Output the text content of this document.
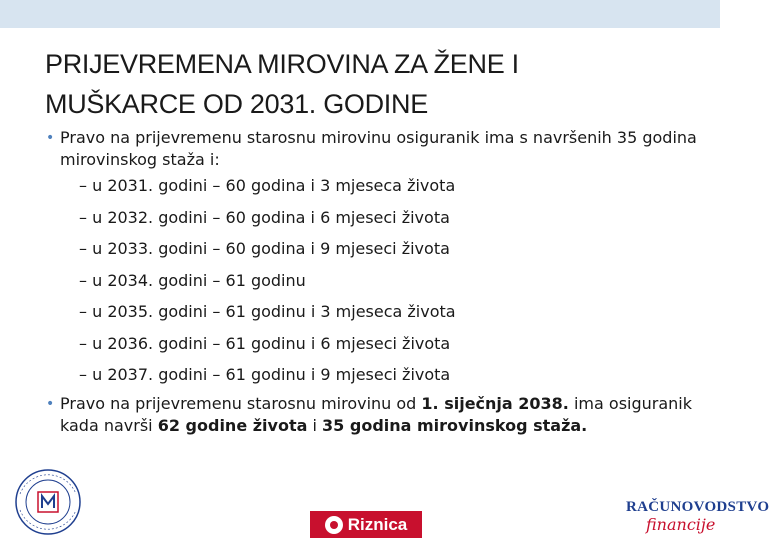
PRIJEVREMENA MIROVINA ZA ŽENE I
MUŠKARCE OD 2031. GODINE
• Pravo na prijevremenu starosnu mirovinu osiguranik ima s navršenih 35 godina mirovinskog staža i:
– u 2031. godini – 60 godina i 3 mjeseca života
– u 2032. godini – 60 godina i 6 mjeseci života
– u 2033. godini – 60 godina i 9 mjeseci života
– u 2034. godini – 61 godinu
– u 2035. godini – 61 godinu i 3 mjeseca života
– u 2036. godini – 61 godinu i 6 mjeseci života
– u 2037. godini – 61 godinu i 9 mjeseci života
• Pravo na prijevremenu starosnu mirovinu od 1. siječnja 2038. ima osiguranik kada navrši 62 godine života i 35 godina mirovinskog staža.
Riznica
RAČUNOVODSTVO
financije
